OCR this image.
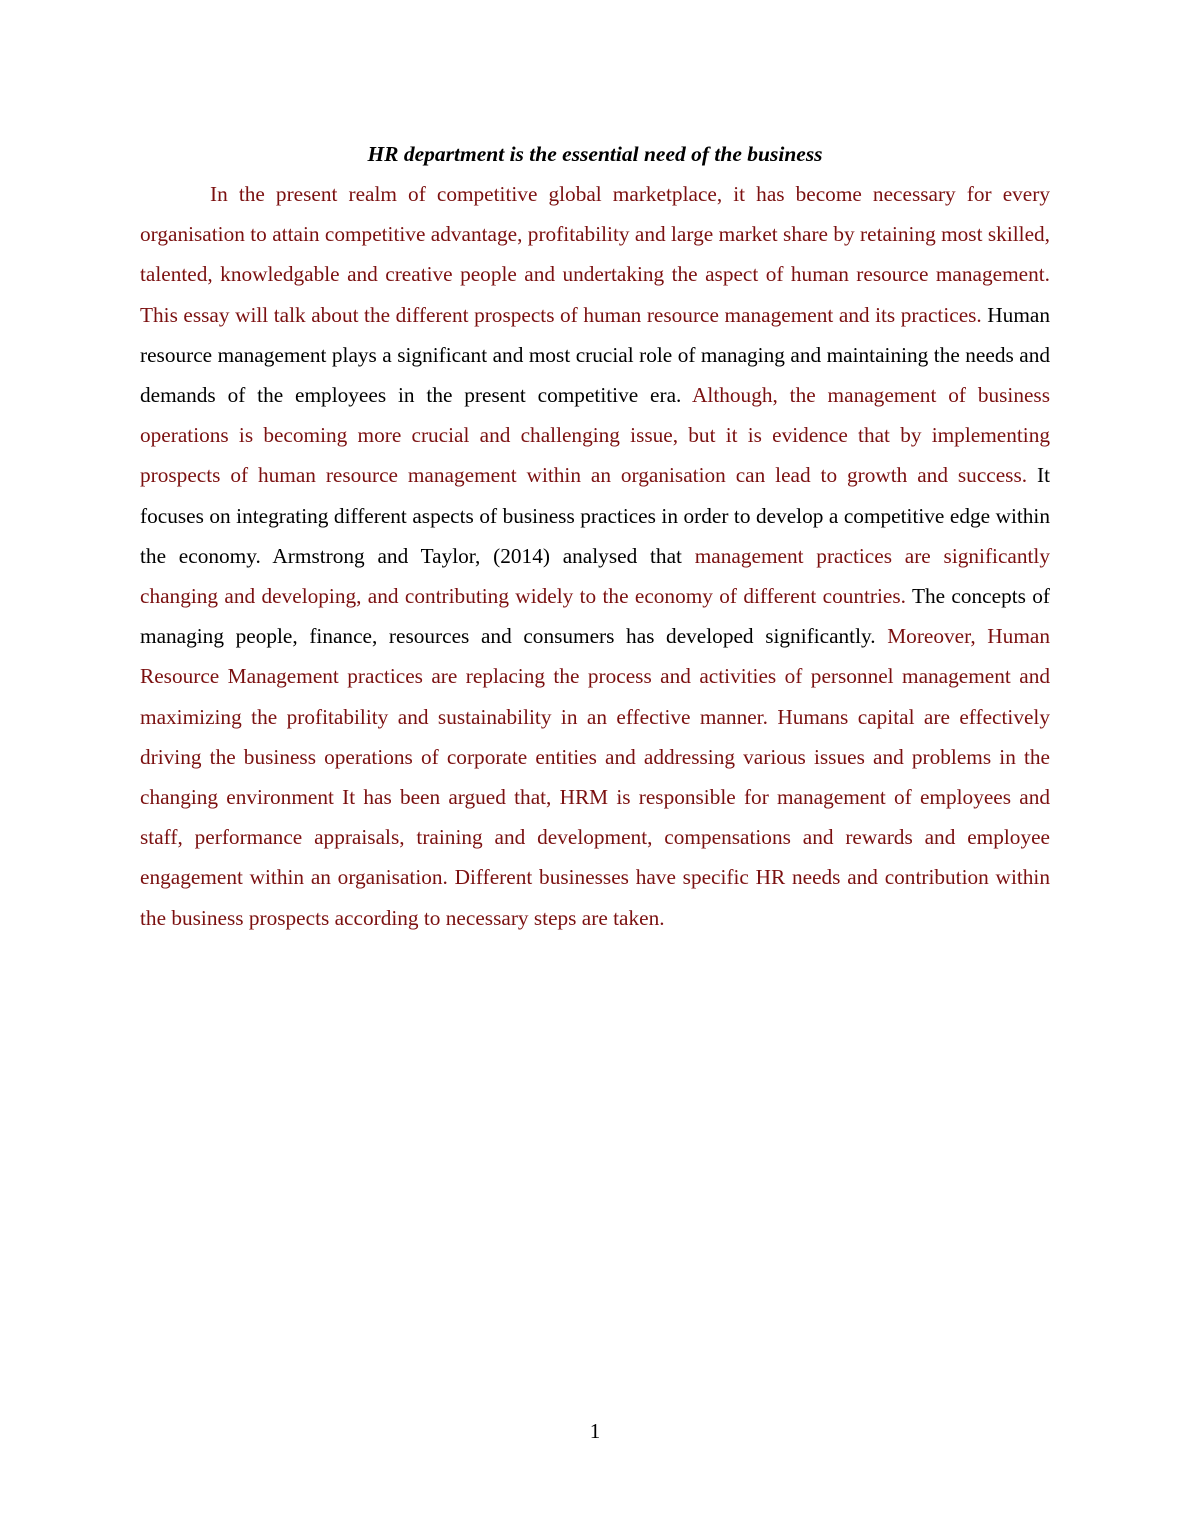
HR department is the essential need of the business

In the present realm of competitive global marketplace, it has become necessary for every organisation to attain competitive advantage, profitability and large market share by retaining most skilled, talented, knowledgable and creative people and undertaking the aspect of human resource management. This essay will talk about the different prospects of human resource management and its practices. Human resource management plays a significant and most crucial role of managing and maintaining the needs and demands of the employees in the present competitive era. Although, the management of business operations is becoming more crucial and challenging issue, but it is evidence that by implementing prospects of human resource management within an organisation can lead to growth and success. It focuses on integrating different aspects of business practices in order to develop a competitive edge within the economy. Armstrong and Taylor, (2014) analysed that management practices are significantly changing and developing, and contributing widely to the economy of different countries. The concepts of managing people, finance, resources and consumers has developed significantly. Moreover, Human Resource Management practices are replacing the process and activities of personnel management and maximizing the profitability and sustainability in an effective manner. Humans capital are effectively driving the business operations of corporate entities and addressing various issues and problems in the changing environment It has been argued that, HRM is responsible for management of employees and staff, performance appraisals, training and development, compensations and rewards and employee engagement within an organisation. Different businesses have specific HR needs and contribution within the business prospects according to necessary steps are taken.

1
